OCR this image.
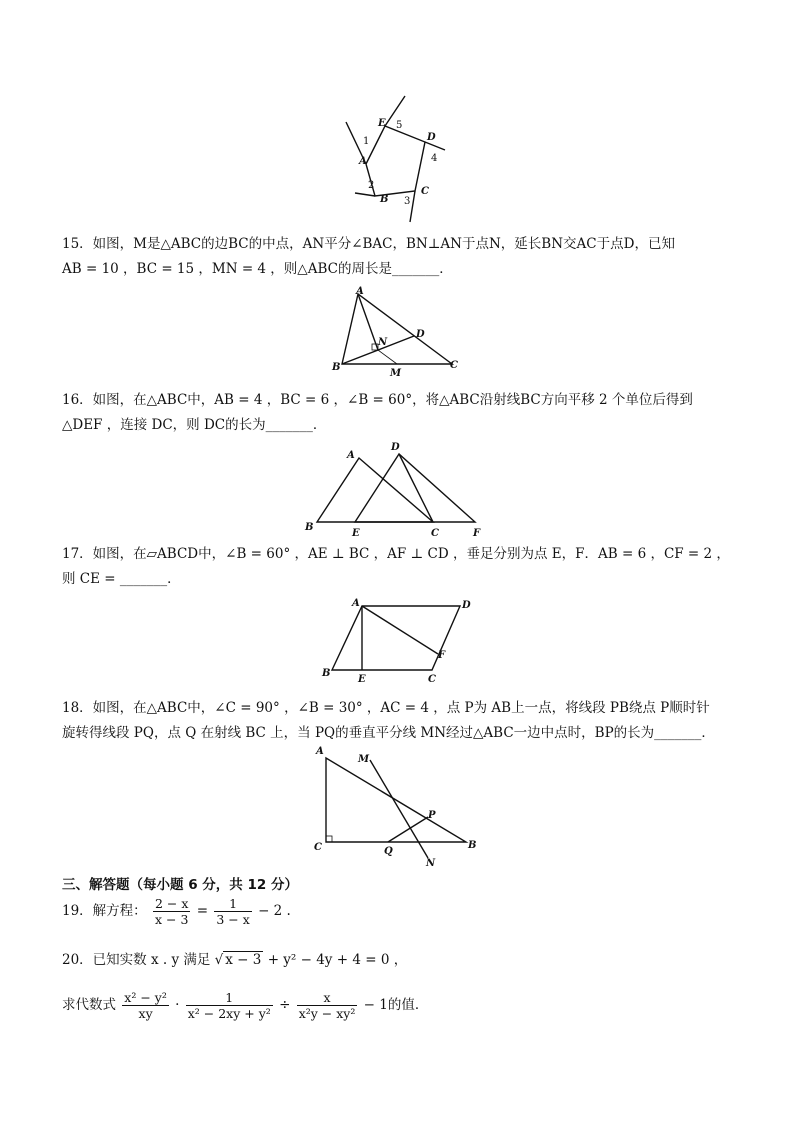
E 5
D
1
A	4
2
C
B 3
15．如图，M是△ABC的边BC的中点，AN平分∠BAC，BN⊥AN于点N，延长BN交AC于点D，已知
AB = 10 ，BC = 15 ，MN = 4 ，则△ABC的周长是_______．
A
D
N
B
M
C
16．如图，在△ABC中，AB = 4 ，BC = 6 ，∠B = 60°，将△ABC沿射线BC方向平移 2 个单位后得到
△DEF ，连接 DC，则 DC的长为_______．
D
A
B
E	C	F
17．如图，在▱ABCD中，∠B = 60° ，AE ⊥ BC ，AF ⊥ CD ，垂足分别为点 E，F．AB = 6 ，CF = 2 ，
则 CE = _______．
A	D
F
B
E	C
18．如图，在△ABC中，∠C = 90° ，∠B = 30° ，AC = 4 ，点 P为 AB上一点，将线段 PB绕点 P顺时针
旋转得线段 PQ，点 Q 在射线 BC 上，当 PQ的垂直平分线 MN经过△ABC一边中点时，BP的长为_______．
A
M
P
C	Q
B
N
三、解答题（每小题 6 分，共 12 分）
19．解方程： $\frac{2 - x}{x - 3} = \frac{1}{3 - x} - 2$ .
20．已知实数 x . y 满足 √ x − 3 + y² − 4y + 4 = 0 ，
求代数式 $\frac{\text{x² − y²}}{xy} \cdot \frac{1}{\text{x² − 2xy + y²}} \div \frac{x}{\text{x²y − xy²}} - 1$的值．
